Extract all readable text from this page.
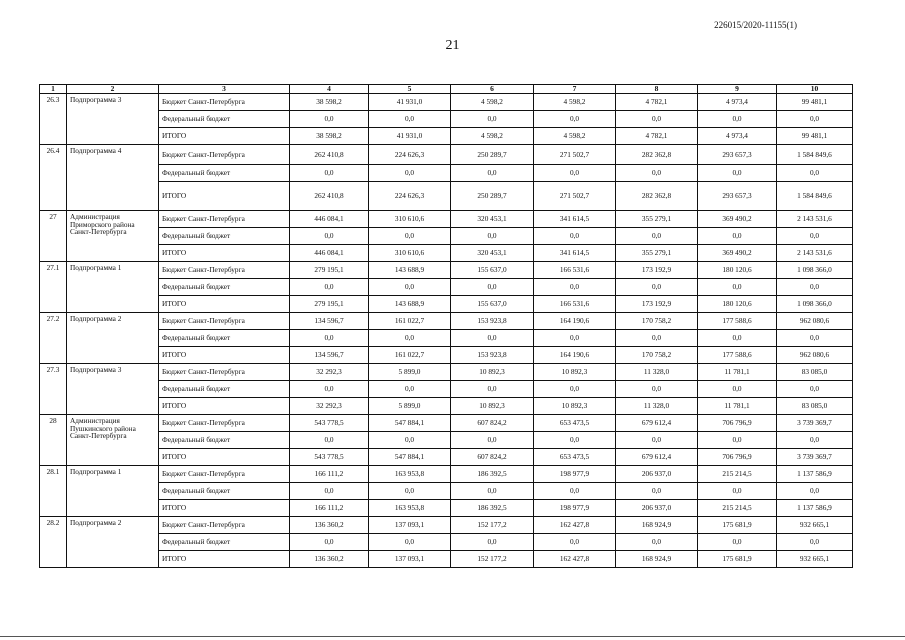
226015/2020-11155(1)
21
1	2	3	4	5	6	7	8	9	10
26.3	Подпрограмма 3	Бюджет Санкт-Петербурга	38 598,2	41 931,0	4 598,2	4 598,2	4 782,1	4 973,4	99 481,1
		Федеральный бюджет	0,0	0,0	0,0	0,0	0,0	0,0	0,0
		ИТОГО	38 598,2	41 931,0	4 598,2	4 598,2	4 782,1	4 973,4	99 481,1
26.4	Подпрограмма 4	Бюджет Санкт-Петербурга	262 410,8	224 626,3	250 289,7	271 502,7	282 362,8	293 657,3	1 584 849,6
		Федеральный бюджет	0,0	0,0	0,0	0,0	0,0	0,0	0,0
		ИТОГО	262 410,8	224 626,3	250 289,7	271 502,7	282 362,8	293 657,3	1 584 849,6
27	Администрация Приморского района Санкт-Петербурга	Бюджет Санкт-Петербурга	446 084,1	310 610,6	320 453,1	341 614,5	355 279,1	369 490,2	2 143 531,6
		Федеральный бюджет	0,0	0,0	0,0	0,0	0,0	0,0	0,0
		ИТОГО	446 084,1	310 610,6	320 453,1	341 614,5	355 279,1	369 490,2	2 143 531,6
27.1	Подпрограмма 1	Бюджет Санкт-Петербурга	279 195,1	143 688,9	155 637,0	166 531,6	173 192,9	180 120,6	1 098 366,0
		Федеральный бюджет	0,0	0,0	0,0	0,0	0,0	0,0	0,0
		ИТОГО	279 195,1	143 688,9	155 637,0	166 531,6	173 192,9	180 120,6	1 098 366,0
27.2	Подпрограмма 2	Бюджет Санкт-Петербурга	134 596,7	161 022,7	153 923,8	164 190,6	170 758,2	177 588,6	962 080,6
		Федеральный бюджет	0,0	0,0	0,0	0,0	0,0	0,0	0,0
		ИТОГО	134 596,7	161 022,7	153 923,8	164 190,6	170 758,2	177 588,6	962 080,6
27.3	Подпрограмма 3	Бюджет Санкт-Петербурга	32 292,3	5 899,0	10 892,3	10 892,3	11 328,0	11 781,1	83 085,0
		Федеральный бюджет	0,0	0,0	0,0	0,0	0,0	0,0	0,0
		ИТОГО	32 292,3	5 899,0	10 892,3	10 892,3	11 328,0	11 781,1	83 085,0
28	Администрация Пушкинского района Санкт-Петербурга	Бюджет Санкт-Петербурга	543 778,5	547 884,1	607 824,2	653 473,5	679 612,4	706 796,9	3 739 369,7
		Федеральный бюджет	0,0	0,0	0,0	0,0	0,0	0,0	0,0
		ИТОГО	543 778,5	547 884,1	607 824,2	653 473,5	679 612,4	706 796,9	3 739 369,7
28.1	Подпрограмма 1	Бюджет Санкт-Петербурга	166 111,2	163 953,8	186 392,5	198 977,9	206 937,0	215 214,5	1 137 586,9
		Федеральный бюджет	0,0	0,0	0,0	0,0	0,0	0,0	0,0
		ИТОГО	166 111,2	163 953,8	186 392,5	198 977,9	206 937,0	215 214,5	1 137 586,9
28.2	Подпрограмма 2	Бюджет Санкт-Петербурга	136 360,2	137 093,1	152 177,2	162 427,8	168 924,9	175 681,9	932 665,1
		Федеральный бюджет	0,0	0,0	0,0	0,0	0,0	0,0	0,0
		ИТОГО	136 360,2	137 093,1	152 177,2	162 427,8	168 924,9	175 681,9	932 665,1
